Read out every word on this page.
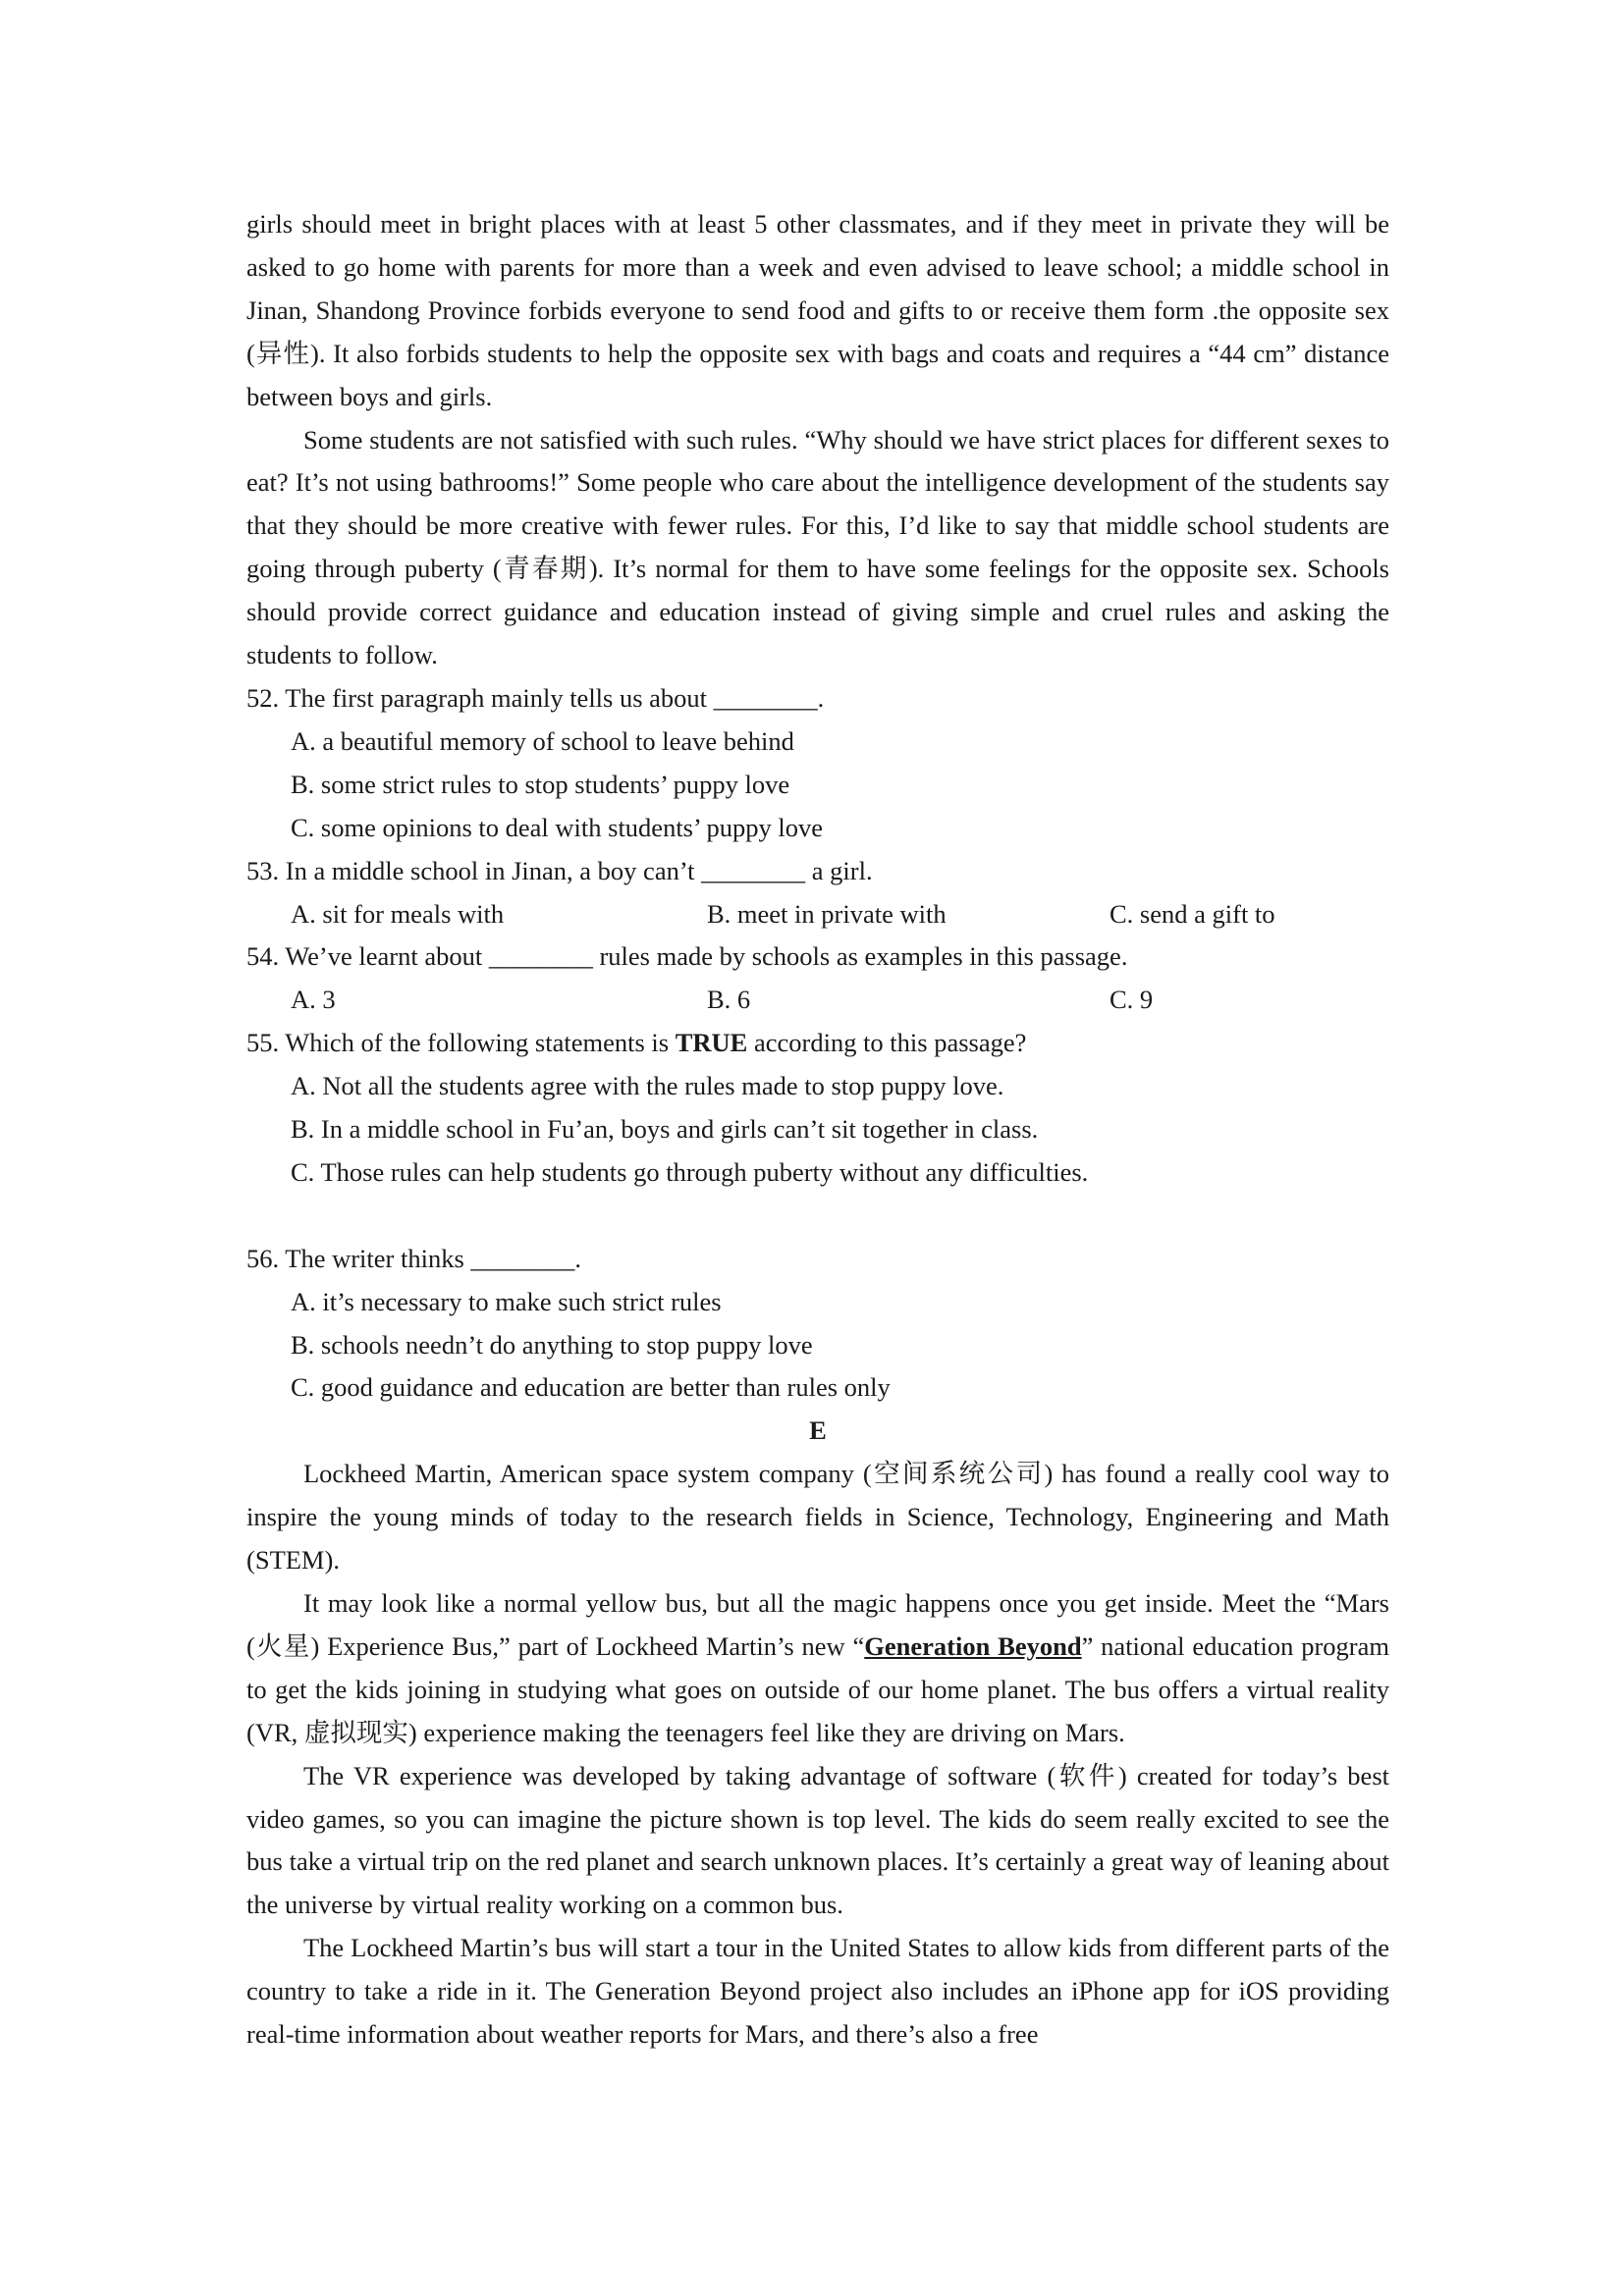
girls should meet in bright places with at least 5 other classmates, and if they meet in private they will be asked to go home with parents for more than a week and even advised to leave school; a middle school in Jinan, Shandong Province forbids everyone to send food and gifts to or receive them form .the opposite sex (异性). It also forbids students to help the opposite sex with bags and coats and requires a “44 cm” distance between boys and girls.

Some students are not satisfied with such rules. “Why should we have strict places for different sexes to eat? It’s not using bathrooms!” Some people who care about the intelligence development of the students say that they should be more creative with fewer rules. For this, I’d like to say that middle school students are going through puberty (青春期). It’s normal for them to have some feelings for the opposite sex. Schools should provide correct guidance and education instead of giving simple and cruel rules and asking the students to follow.

52. The first paragraph mainly tells us about ________.

A. a beautiful memory of school to leave behind

B. some strict rules to stop students’ puppy love

C. some opinions to deal with students’ puppy love

53. In a middle school in Jinan, a boy can’t ________ a girl.

A. sit for meals with	B. meet in private with	C. send a gift to

54. We’ve learnt about ________ rules made by schools as examples in this passage.

A. 3	B. 6	C. 9

55. Which of the following statements is TRUE according to this passage?

A. Not all the students agree with the rules made to stop puppy love.

B. In a middle school in Fu’an, boys and girls can’t sit together in class.

C. Those rules can help students go through puberty without any difficulties.

56. The writer thinks ________.

A. it’s necessary to make such strict rules

B. schools needn’t do anything to stop puppy love

C. good guidance and education are better than rules only

E

Lockheed Martin, American space system company (空间系统公司) has found a really cool way to inspire the young minds of today to the research fields in Science, Technology, Engineering and Math (STEM).

It may look like a normal yellow bus, but all the magic happens once you get inside. Meet the “Mars (火星) Experience Bus,” part of Lockheed Martin’s new “Generation Beyond” national education program to get the kids joining in studying what goes on outside of our home planet. The bus offers a virtual reality (VR, 虚拟现实) experience making the teenagers feel like they are driving on Mars.

The VR experience was developed by taking advantage of software (软件) created for today’s best video games, so you can imagine the picture shown is top level. The kids do seem really excited to see the bus take a virtual trip on the red planet and search unknown places. It’s certainly a great way of leaning about the universe by virtual reality working on a common bus.

The Lockheed Martin’s bus will start a tour in the United States to allow kids from different parts of the country to take a ride in it. The Generation Beyond project also includes an iPhone app for iOS providing real-time information about weather reports for Mars, and there’s also a free
